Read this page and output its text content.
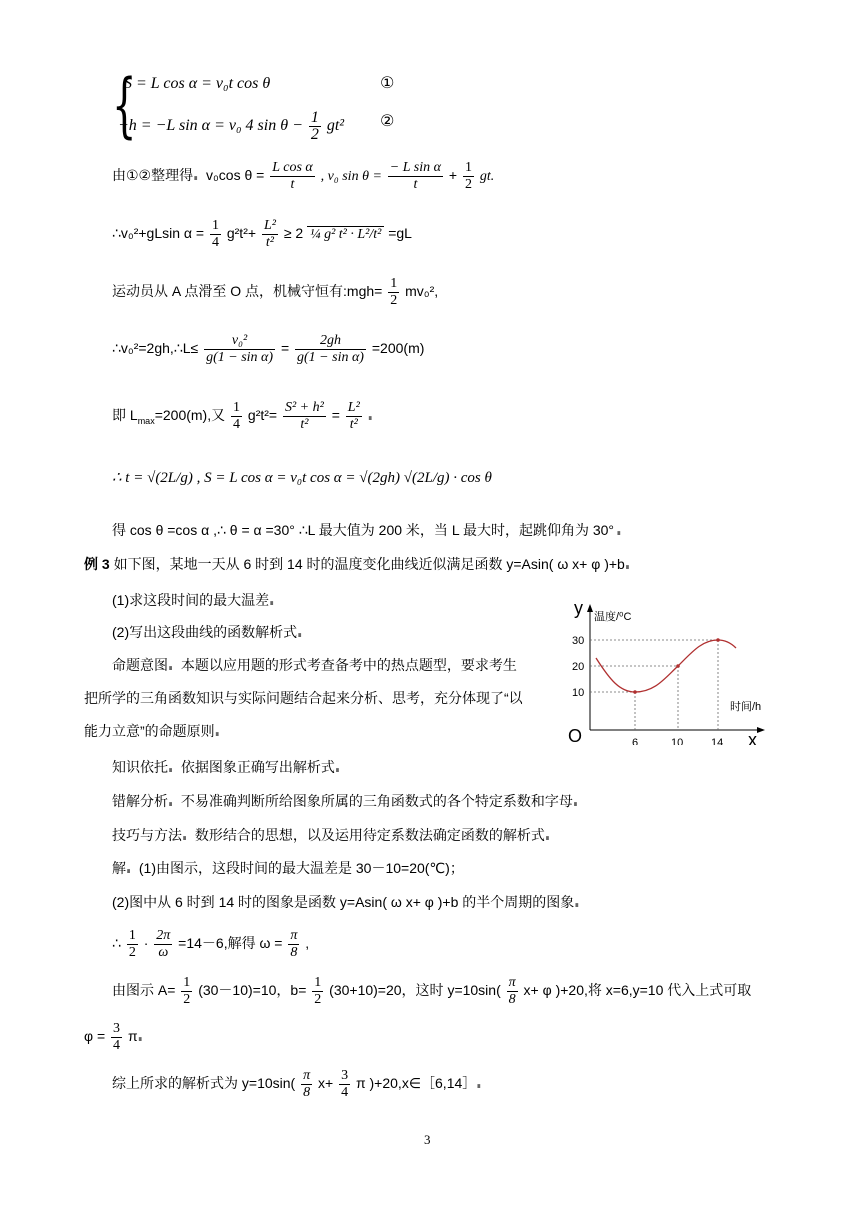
{
S = L cos α = v₀t cos θ	①
−h = −L sin α = v₀ 4 $\sin \theta - \frac{1}{2} gt^2$ ②
由①②整理得∎ v₀cos $\theta = \frac{\text{L cos α}}{t}$ , v₀ $\sin \theta = \frac{\text{− L sin α}}{t} + \frac{1}{2}$ gt.
∴v₀²+gLsin $\alpha = \frac{1}{4} g^2t^2+ \frac{\text{L²}}{\text{t²}} \ge 2$ ¼ g² t² · L²/t² =gL
运动员从 A 点滑至 O 点，机械守恒有:mgh= $\frac{1}{2} mv_0^2$,
∴v₀²=2gh,∴L≤ $\frac{\text{v₀²}}{\text{g(1 − sin α)}} = \frac{2gh}{\text{g(1 − sin α)}} =200(m)$
即 $L_{max}=200(m)$,又 $\frac{1}{4} g^2t^2= \frac{\text{S² + h²}}{\text{t²}} = \frac{\text{L²}}{\text{t²}}$ ∎
∴ t = √(2L/g) , S = L cos α = v₀t cos α = √(2gh) √(2L/g) · cos θ
得 cos θ =cos α ,∴ θ = α =30° ∴L 最大值为 200 米，当 L 最大时，起跳仰角为 30° ∎
例 3 如下图，某地一天从 6 时到 14 时的温度变化曲线近似满足函数 y=Asin( ω x+ φ )+b∎
(1)求这段时间的最大温差∎
(2)写出这段曲线的函数解析式∎
命题意图∎ 本题以应用题的形式考查备考中的热点题型，要求考生
把所学的三角函数知识与实际问题结合起来分析、思考，充分体现了“以
能力立意”的命题原则∎
知识依托∎ 依据图象正确写出解析式∎
错解分析∎ 不易准确判断所给图象所属的三角函数式的各个特定系数和字母∎
技巧与方法∎ 数形结合的思想，以及运用待定系数法确定函数的解析式∎
解∎ (1)由图示，这段时间的最大温差是 30－10=20(℃)；
(2)图中从 6 时到 14 时的图象是函数 y=Asin( ω x+ φ )+b 的半个周期的图象∎
∴ $\frac{1}{2} \cdot \frac{2\pi}{\omega} =14-6$,解得 $\omega = \frac{\pi}{8}$ ,
由图示 $A= \frac{1}{2} (30-10)=10$，$b= \frac{1}{2} (30+10)=20$，这时 $y=10\sin( \frac{\pi}{8} x+ \varphi$ )+20,将 x=6,y=10 代入上式可取
$\varphi = \frac{3}{4}$ π∎
综上所求的解析式为 $y=10\sin( \frac{\pi}{8} x+ \frac{3}{4}$ π )+20,x∈［6,14］∎
3
y 温度/⁰C
30
20
10
时间/h
O	6	10	14 x
